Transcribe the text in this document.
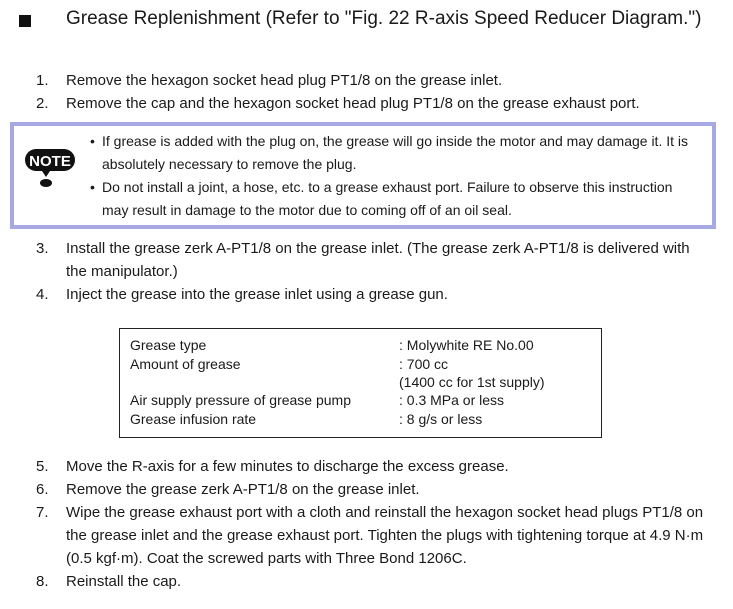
Grease Replenishment (Refer to "Fig. 22 R-axis Speed Reducer Diagram.")
1. Remove the hexagon socket head plug PT1/8 on the grease inlet.
2. Remove the cap and the hexagon socket head plug PT1/8 on the grease exhaust port.
NOTE
• If grease is added with the plug on, the grease will go inside the motor and may damage it. It is absolutely necessary to remove the plug.
• Do not install a joint, a hose, etc. to a grease exhaust port. Failure to observe this instruction may result in damage to the motor due to coming off of an oil seal.
3. Install the grease zerk A-PT1/8 on the grease inlet. (The grease zerk A-PT1/8 is delivered with the manipulator.)
4. Inject the grease into the grease inlet using a grease gun.
Grease type	: Molywhite RE No.00
Amount of grease	: 700 cc
(1400 cc for 1st supply)
Air supply pressure of grease pump	: 0.3 MPa or less
Grease infusion rate	: 8 g/s or less
5. Move the R-axis for a few minutes to discharge the excess grease.
6. Remove the grease zerk A-PT1/8 on the grease inlet.
7. Wipe the grease exhaust port with a cloth and reinstall the hexagon socket head plugs PT1/8 on the grease inlet and the grease exhaust port. Tighten the plugs with tightening torque at 4.9 N·m (0.5 kgf·m). Coat the screwed parts with Three Bond 1206C.
8. Reinstall the cap.
